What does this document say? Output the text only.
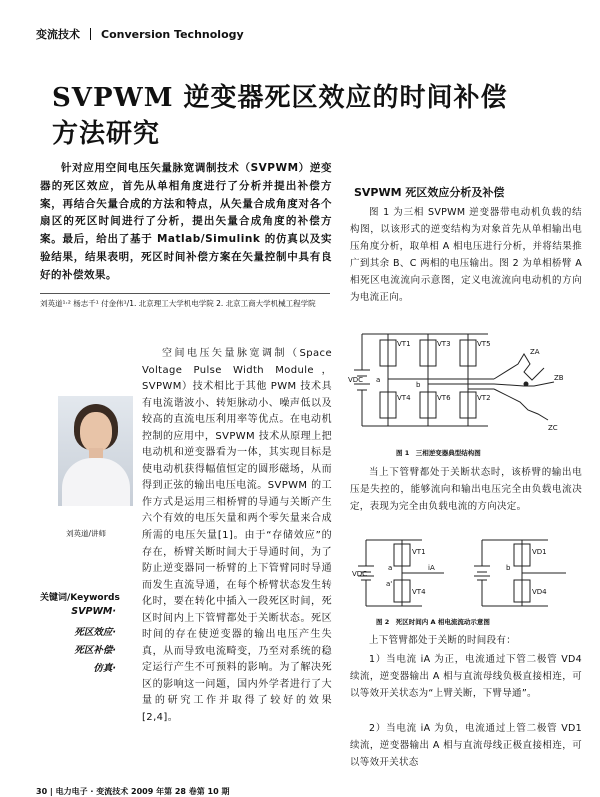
变流技术 Conversion Technology
SVPWM 逆变器死区效应的时间补偿方法研究
针对应用空间电压矢量脉宽调制技术（SVPWM）逆变器的死区效应，首先从单相角度进行了分析并提出补偿方案，再结合矢量合成的方法和特点，从矢量合成角度对各个扇区的死区时间进行了分析，提出矢量合成角度的补偿方案。最后，给出了基于 Matlab/Simulink 的仿真以及实验结果，结果表明，死区时间补偿方案在矢量控制中具有良好的补偿效果。
刘英道¹·² 杨志千¹ 付金伟¹/1. 北京理工大学机电学院 2. 北京工商大学机械工程学院
刘英道/讲师
关键词/Keywords
SVPWM·
死区效应·
死区补偿·
仿真·
空间电压矢量脉宽调制（Space Voltage Pulse Width Module，SVPWM）技术相比于其他 PWM 技术具有电流谐波小、转矩脉动小、噪声低以及较高的直流电压利用率等优点。在电动机控制的应用中，SVPWM 技术从原理上把电动机和逆变器看为一体，其实现目标是使电动机获得幅值恒定的圆形磁场，从而得到正弦的输出电压电流。SVPWM 的工作方式是运用三相桥臂的导通与关断产生六个有效的电压矢量和两个零矢量来合成所需的电压矢量[1]。由于“存储效应”的存在，桥臂关断时间大于导通时间，为了防止逆变器同一桥臂的上下管臂同时导通而发生直流导通，在每个桥臂状态发生转化时，要在转化中插入一段死区时间，死区时间内上下管臂都处于关断状态。死区时间的存在使逆变器的输出电压产生失真，从而导致电流畸变，乃至对系统的稳定运行产生不可预料的影响。为了解决死区的影响这一问题，国内外学者进行了大量的研究工作并取得了较好的效果[2,4]。
SVPWM 死区效应分析及补偿
图 1 为三相 SVPWM 逆变器带电动机负载的结构图，以该形式的逆变结构为对象首先从单相输出电压角度分析，取单相 A 相电压进行分析，并将结果推广到其余 B、C 两相的电压输出。图 2 为单相桥臂 A 相死区电流流向示意图，定义电流流向电动机的方向为电流正向。
VT1	VT3	VT5
VT4	VT6	VT2
VDC
ZA
ZB
ZC
a
b
图 1　三相逆变器典型结构图
当上下管臂都处于关断状态时，该桥臂的输出电压是失控的，能够流向和输出电压完全由负载电流决定，表现为完全由负载电流的方向决定。
VDC
VT1	VD1
VT4	VD4
a
a'
b
iA
图 2　死区时间内 A 相电流流动示意图
上下管臂都处于关断的时间段有：
1）当电流 iA 为正，电流通过下管二极管 VD4 续流，逆变器输出 A 相与直流母线负极直接相连，可以等效开关状态为“上臂关断，下臂导通”。
2）当电流 iA 为负，电流通过上管二极管 VD1 续流，逆变器输出 A 相与直流母线正极直接相连，可以等效开关状态
30 | 电力电子 · 变流技术 2009 年第 28 卷第 10 期
